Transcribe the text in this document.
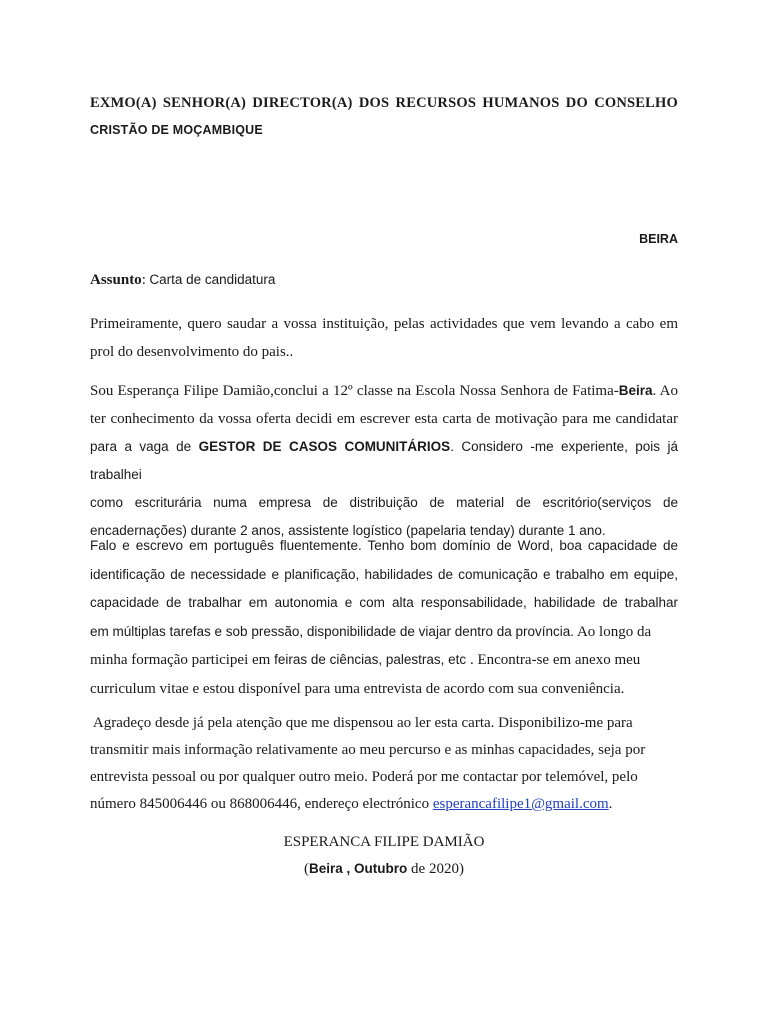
EXMO(A) SENHOR(A) DIRECTOR(A) DOS RECURSOS HUMANOS DO CONSELHO
CRISTÃO DE MOÇAMBIQUE
BEIRA
Assunto: Carta de candidatura
Primeiramente, quero saudar a vossa instituição, pelas actividades que vem levando a cabo em prol do desenvolvimento do pais..
Sou Esperança Filipe Damião,conclui a 12º classe na Escola Nossa Senhora de Fatima-Beira. Ao
ter conhecimento da vossa oferta decidi em escrever esta carta de motivação para me candidatar
para a vaga de GESTOR DE CASOS COMUNITÁRIOS. Considero -me experiente, pois já trabalhei
como escriturária numa empresa de distribuição de material de escritório(serviços de
encadernações) durante 2 anos, assistente logístico (papelaria tenday) durante 1 ano.
Falo e escrevo em português fluentemente. Tenho bom domínio de Word, boa capacidade de
identificação de necessidade e planificação, habilidades de comunicação e trabalho em equipe,
capacidade de trabalhar em autonomia e com alta responsabilidade, habilidade de trabalhar
em múltiplas tarefas e sob pressão, disponibilidade de viajar dentro da província. Ao longo da
minha formação participei em feiras de ciências, palestras, etc . Encontra-se em anexo meu
curriculum vitae e estou disponível para uma entrevista de acordo com sua conveniência.
Agradeço desde já pela atenção que me dispensou ao ler esta carta. Disponibilizo-me para
transmitir mais informação relativamente ao meu percurso e as minhas capacidades, seja por
entrevista pessoal ou por qualquer outro meio. Poderá por me contactar por telemóvel, pelo
número 845006446 ou 868006446, endereço electrónico esperancafilipe1@gmail.com.
ESPERANCA FILIPE DAMIÃO
(Beira , Outubro de 2020)
